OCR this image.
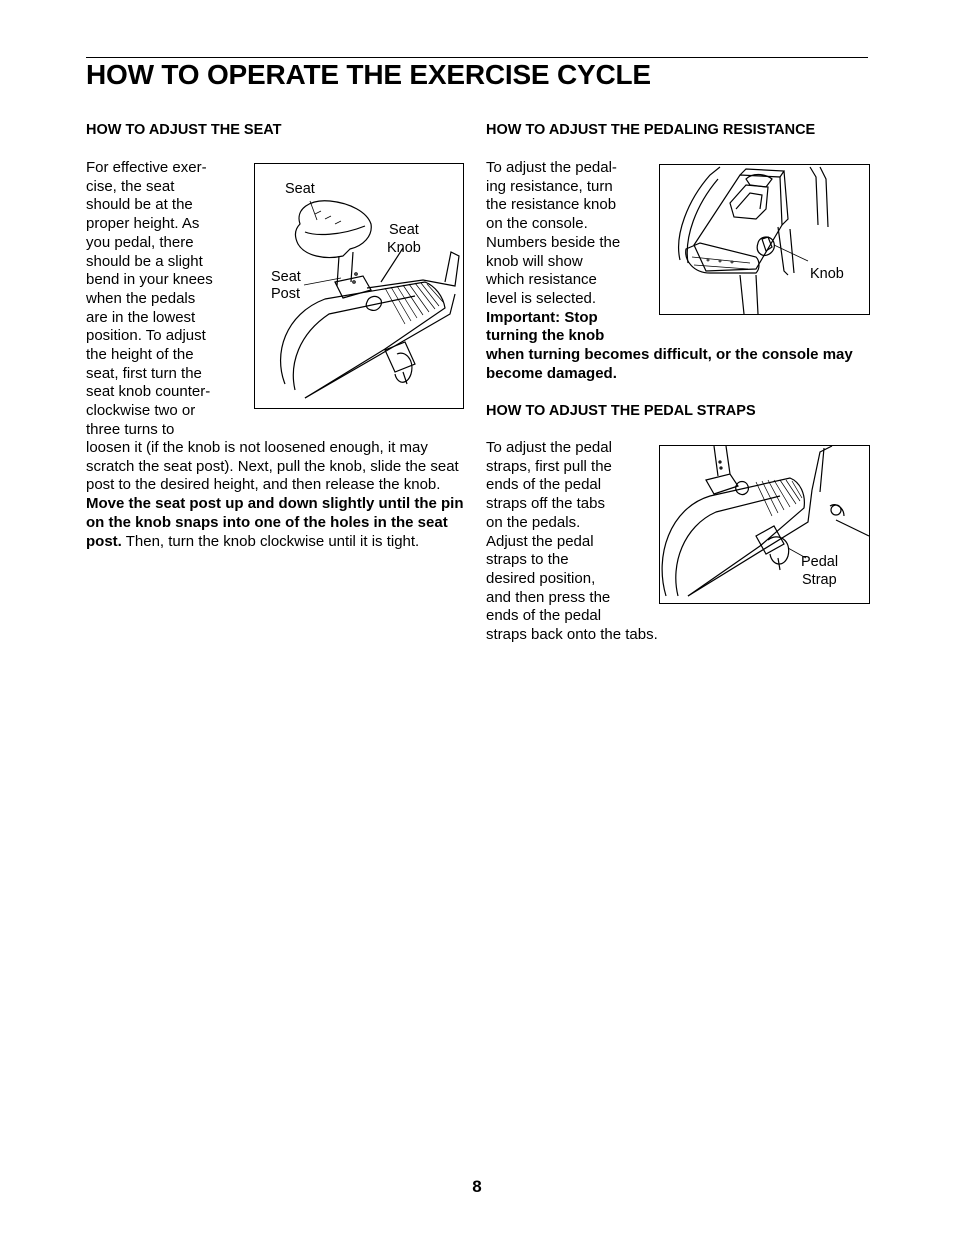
HOW TO OPERATE THE EXERCISE CYCLE
HOW TO ADJUST THE SEAT
For effective exer-
cise, the seat
should be at the
proper height. As
you pedal, there
should be a slight
bend in your knees
when the pedals
are in the lowest
position. To adjust
the height of the
seat, first turn the
seat knob counter-
clockwise two or
three turns to

loosen it (if the knob is not loosened enough, it may scratch the seat post). Next, pull the knob, slide the seat post to the desired height, and then release the knob. Move the seat post up and down slightly until the pin on the knob snaps into one of the holes in the seat post. Then, turn the knob clockwise until it is tight.

Seat
Seat
Knob
Seat
Post
HOW TO ADJUST THE PEDALING RESISTANCE
To adjust the pedal-
ing resistance, turn
the resistance knob
on the console.
Numbers beside the
knob will show
which resistance
level is selected.
Important: Stop
turning the knob

when turning becomes difficult, or the console may become damaged.

Knob
HOW TO ADJUST THE PEDAL STRAPS
To adjust the pedal
straps, first pull the
ends of the pedal
straps off the tabs
on the pedals.
Adjust the pedal
straps to the
desired position,
and then press the
ends of the pedal
straps back onto the tabs.
Pedal
Strap

8
